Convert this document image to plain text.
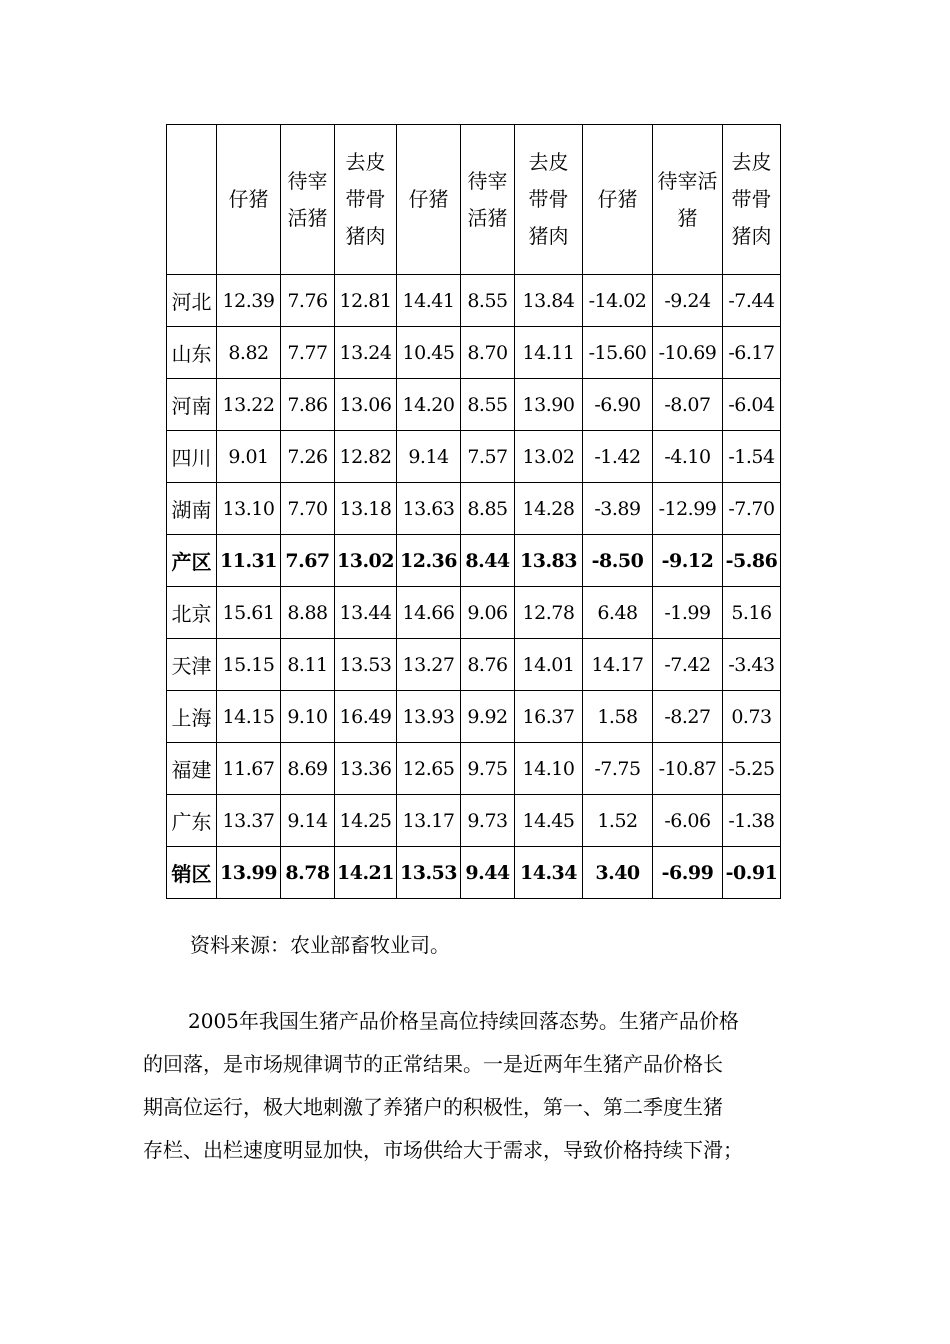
	仔猪	待宰活猪	去皮带骨猪肉	仔猪	待宰活猪	去皮带骨猪肉	仔猪	待宰活猪	去皮带骨猪肉
河北	12.39	7.76	12.81	14.41	8.55	13.84	-14.02	-9.24	-7.44
山东	8.82	7.77	13.24	10.45	8.70	14.11	-15.60	-10.69	-6.17
河南	13.22	7.86	13.06	14.20	8.55	13.90	-6.90	-8.07	-6.04
四川	9.01	7.26	12.82	9.14	7.57	13.02	-1.42	-4.10	-1.54
湖南	13.10	7.70	13.18	13.63	8.85	14.28	-3.89	-12.99	-7.70
产区	11.31	7.67	13.02	12.36	8.44	13.83	-8.50	-9.12	-5.86
北京	15.61	8.88	13.44	14.66	9.06	12.78	6.48	-1.99	5.16
天津	15.15	8.11	13.53	13.27	8.76	14.01	14.17	-7.42	-3.43
上海	14.15	9.10	16.49	13.93	9.92	16.37	1.58	-8.27	0.73
福建	11.67	8.69	13.36	12.65	9.75	14.10	-7.75	-10.87	-5.25
广东	13.37	9.14	14.25	13.17	9.73	14.45	1.52	-6.06	-1.38
销区	13.99	8.78	14.21	13.53	9.44	14.34	3.40	-6.99	-0.91
资料来源：农业部畜牧业司。
2005年我国生猪产品价格呈高位持续回落态势。生猪产品价格
的回落，是市场规律调节的正常结果。一是近两年生猪产品价格长
期高位运行，极大地刺激了养猪户的积极性，第一、第二季度生猪
存栏、出栏速度明显加快，市场供给大于需求，导致价格持续下滑；
